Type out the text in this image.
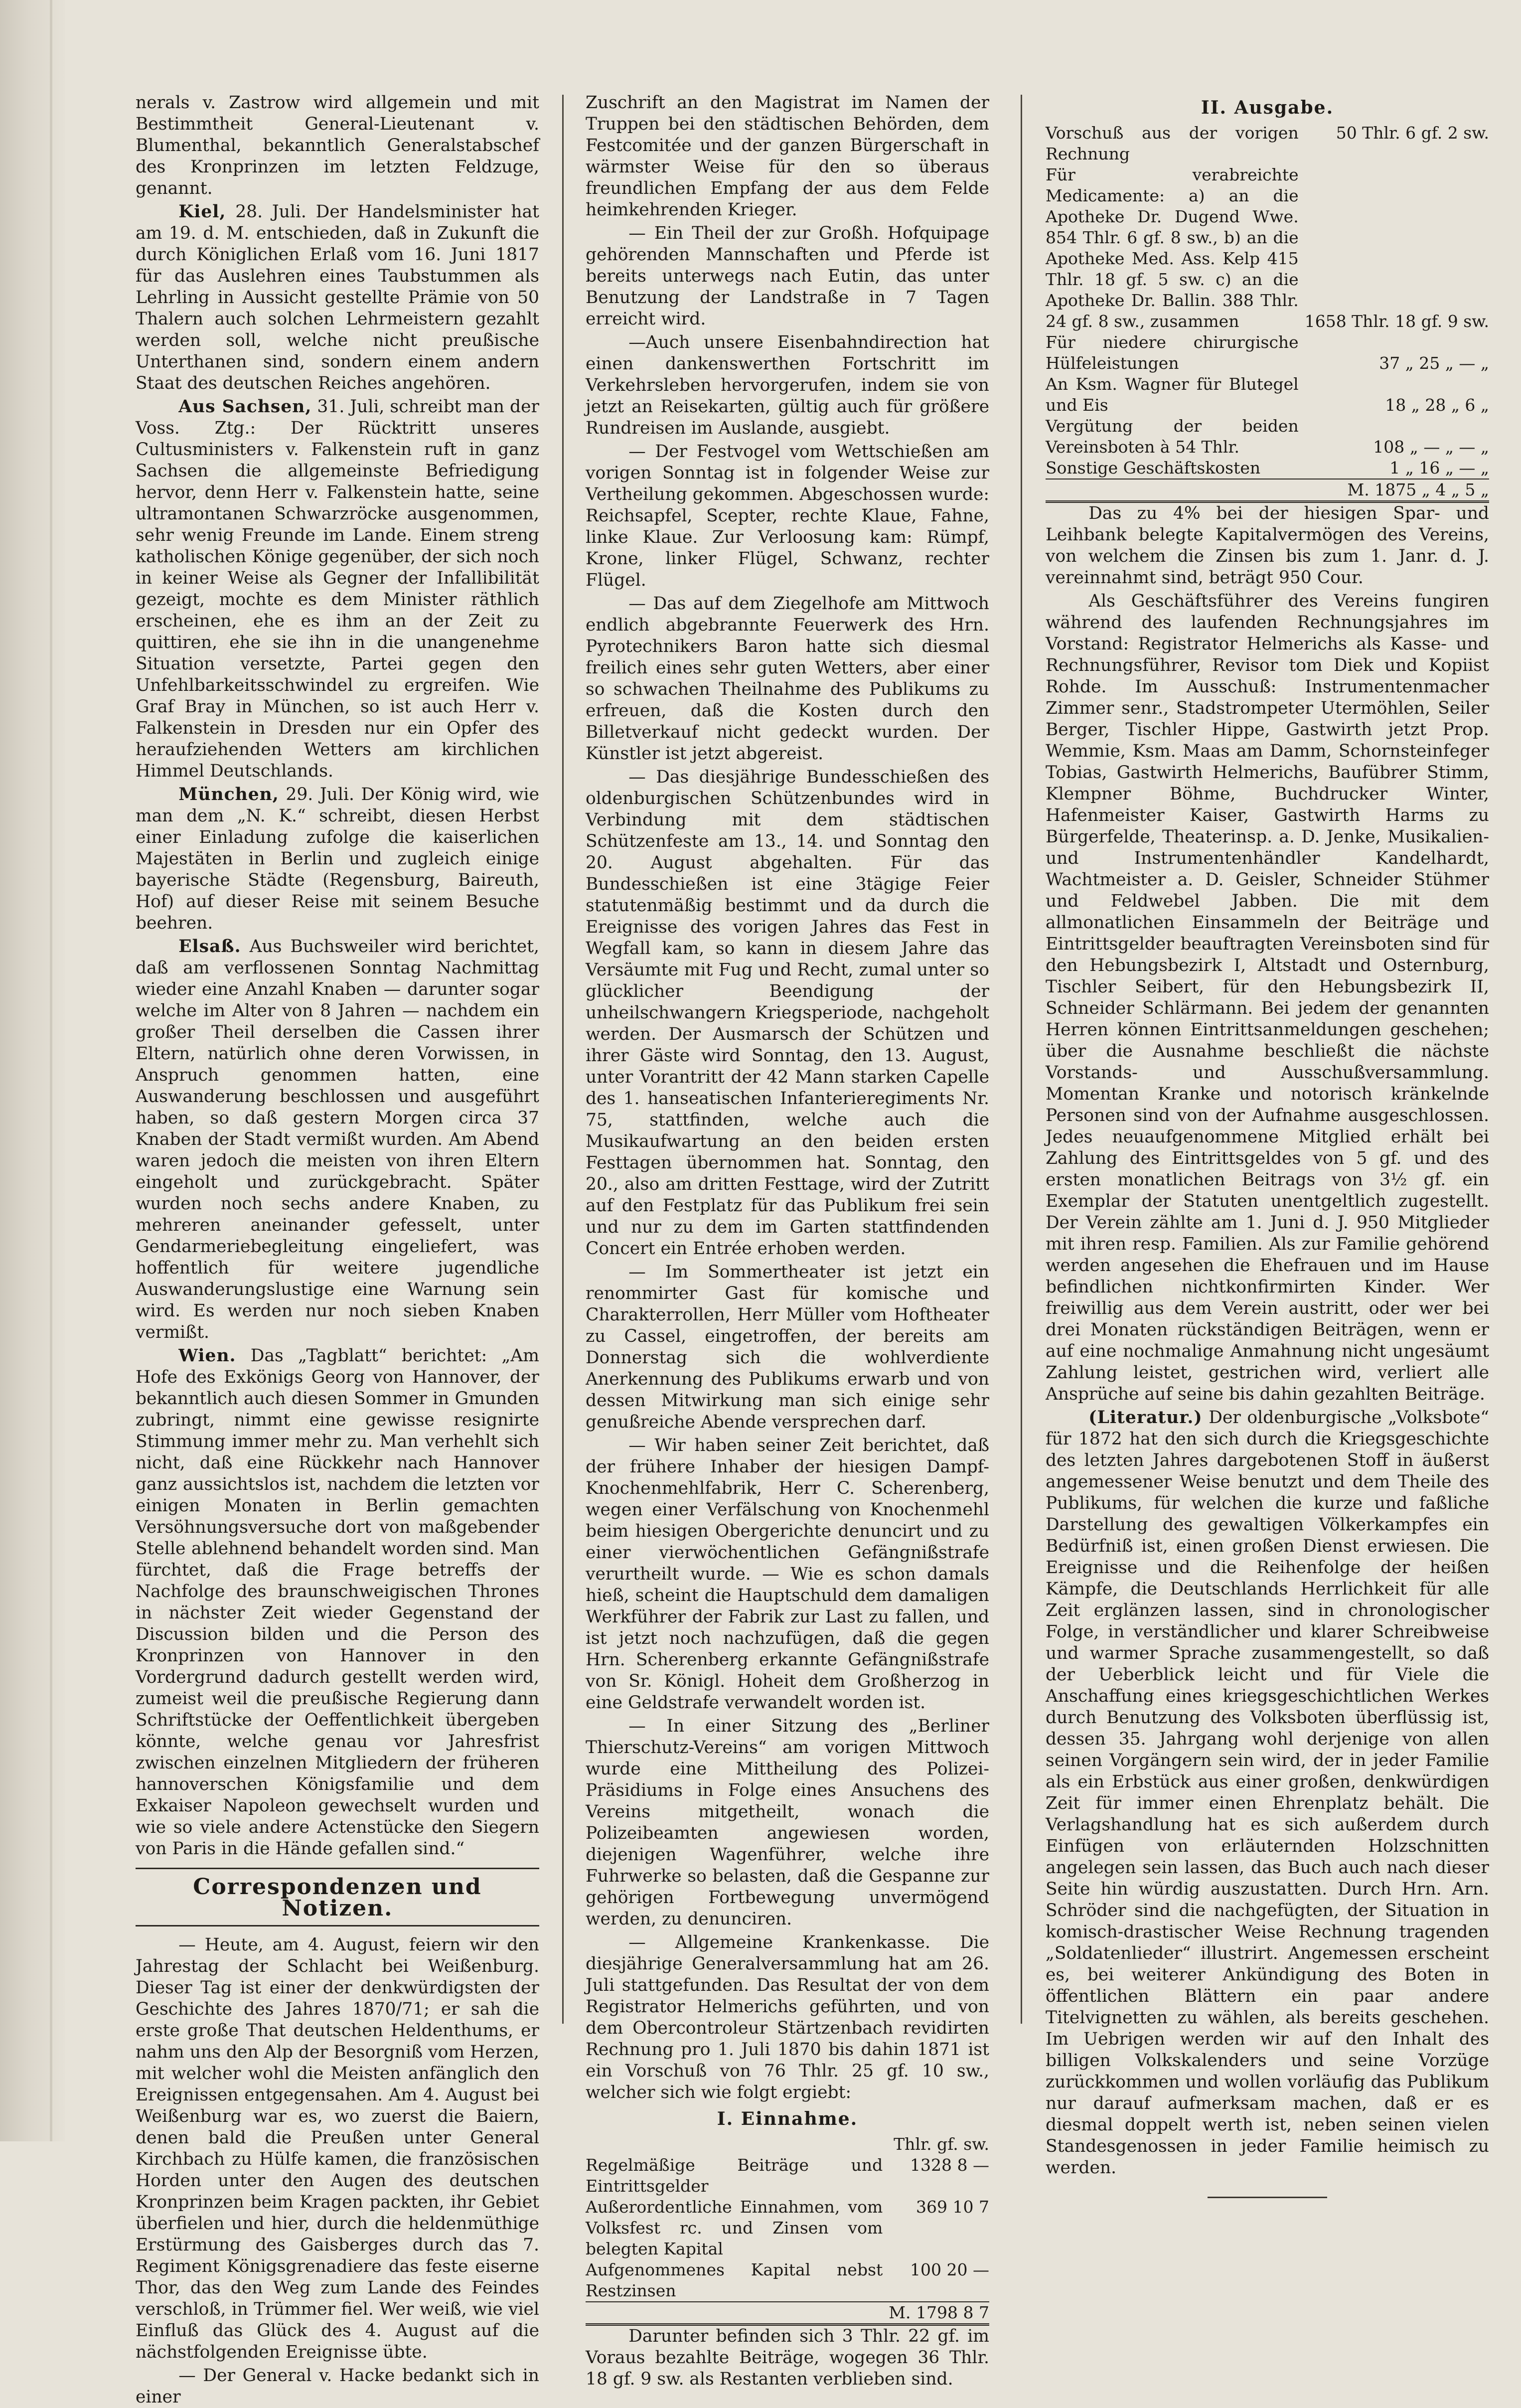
nerals v. Zastrow wird allgemein und mit Bestimmtheit General-Lieutenant v. Blumenthal, bekanntlich Generalstabschef des Kronprinzen im letzten Feldzuge, genannt.

Kiel, 28. Juli. Der Handelsminister hat am 19. d. M. entschieden, daß in Zukunft die durch Königlichen Erlaß vom 16. Juni 1817 für das Auslehren eines Taubstummen als Lehrling in Aussicht gestellte Prämie von 50 Thalern auch solchen Lehrmeistern gezahlt werden soll, welche nicht preußische Unterthanen sind, sondern einem andern Staat des deutschen Reiches angehören.

Aus Sachsen, 31. Juli, schreibt man der Voss. Ztg.: Der Rücktritt unseres Cultusministers v. Falkenstein ruft in ganz Sachsen die allgemeinste Befriedigung hervor, denn Herr v. Falkenstein hatte, seine ultramontanen Schwarzröcke ausgenommen, sehr wenig Freunde im Lande. Einem streng katholischen Könige gegenüber, der sich noch in keiner Weise als Gegner der Infallibilität gezeigt, mochte es dem Minister räthlich erscheinen, ehe es ihm an der Zeit zu quittiren, ehe sie ihn in die unangenehme Situation versetzte, Partei gegen den Unfehlbarkeitsschwindel zu ergreifen. Wie Graf Bray in München, so ist auch Herr v. Falkenstein in Dresden nur ein Opfer des heraufziehenden Wetters am kirchlichen Himmel Deutschlands.

München, 29. Juli. Der König wird, wie man dem „N. K.“ schreibt, diesen Herbst einer Einladung zufolge die kaiserlichen Majestäten in Berlin und zugleich einige bayerische Städte (Regensburg, Baireuth, Hof) auf dieser Reise mit seinem Besuche beehren.

Elsaß. Aus Buchsweiler wird berichtet, daß am verflossenen Sonntag Nachmittag wieder eine Anzahl Knaben — darunter sogar welche im Alter von 8 Jahren — nachdem ein großer Theil derselben die Cassen ihrer Eltern, natürlich ohne deren Vorwissen, in Anspruch genommen hatten, eine Auswanderung beschlossen und ausgeführt haben, so daß gestern Morgen circa 37 Knaben der Stadt vermißt wurden. Am Abend waren jedoch die meisten von ihren Eltern eingeholt und zurückgebracht. Später wurden noch sechs andere Knaben, zu mehreren aneinander gefesselt, unter Gendarmeriebegleitung eingeliefert, was hoffentlich für weitere jugendliche Auswanderungslustige eine Warnung sein wird. Es werden nur noch sieben Knaben vermißt.

Wien. Das „Tagblatt“ berichtet: „Am Hofe des Exkönigs Georg von Hannover, der bekanntlich auch diesen Sommer in Gmunden zubringt, nimmt eine gewisse resignirte Stimmung immer mehr zu. Man verhehlt sich nicht, daß eine Rückkehr nach Hannover ganz aussichtslos ist, nachdem die letzten vor einigen Monaten in Berlin gemachten Versöhnungsversuche dort von maßgebender Stelle ablehnend behandelt worden sind. Man fürchtet, daß die Frage betreffs der Nachfolge des braunschweigischen Thrones in nächster Zeit wieder Gegenstand der Discussion bilden und die Person des Kronprinzen von Hannover in den Vordergrund dadurch gestellt werden wird, zumeist weil die preußische Regierung dann Schriftstücke der Oeffentlichkeit übergeben könnte, welche genau vor Jahresfrist zwischen einzelnen Mitgliedern der früheren hannoverschen Königsfamilie und dem Exkaiser Napoleon gewechselt wurden und wie so viele andere Actenstücke den Siegern von Paris in die Hände gefallen sind.“

Correspondenzen und Notizen.

— Heute, am 4. August, feiern wir den Jahrestag der Schlacht bei Weißenburg. Dieser Tag ist einer der denkwürdigsten der Geschichte des Jahres 1870/71; er sah die erste große That deutschen Heldenthums, er nahm uns den Alp der Besorgniß vom Herzen, mit welcher wohl die Meisten anfänglich den Ereignissen entgegensahen. Am 4. August bei Weißenburg war es, wo zuerst die Baiern, denen bald die Preußen unter General Kirchbach zu Hülfe kamen, die französischen Horden unter den Augen des deutschen Kronprinzen beim Kragen packten, ihr Gebiet überfielen und hier, durch die heldenmüthige Erstürmung des Gaisberges durch das 7. Regiment Königsgrenadiere das feste eiserne Thor, das den Weg zum Lande des Feindes verschloß, in Trümmer fiel. Wer weiß, wie viel Einfluß das Glück des 4. August auf die nächstfolgenden Ereignisse übte.

— Der General v. Hacke bedankt sich in einer

Zuschrift an den Magistrat im Namen der Truppen bei den städtischen Behörden, dem Festcomitée und der ganzen Bürgerschaft in wärmster Weise für den so überaus freundlichen Empfang der aus dem Felde heimkehrenden Krieger.

— Ein Theil der zur Großh. Hofquipage gehörenden Mannschaften und Pferde ist bereits unterwegs nach Eutin, das unter Benutzung der Landstraße in 7 Tagen erreicht wird.

—Auch unsere Eisenbahndirection hat einen dankenswerthen Fortschritt im Verkehrsleben hervorgerufen, indem sie von jetzt an Reisekarten, gültig auch für größere Rundreisen im Auslande, ausgiebt.

— Der Festvogel vom Wettschießen am vorigen Sonntag ist in folgender Weise zur Vertheilung gekommen. Abgeschossen wurde: Reichsapfel, Scepter, rechte Klaue, Fahne, linke Klaue. Zur Verloosung kam: Rümpf, Krone, linker Flügel, Schwanz, rechter Flügel.

— Das auf dem Ziegelhofe am Mittwoch endlich abgebrannte Feuerwerk des Hrn. Pyrotechnikers Baron hatte sich diesmal freilich eines sehr guten Wetters, aber einer so schwachen Theilnahme des Publikums zu erfreuen, daß die Kosten durch den Billetverkauf nicht gedeckt wurden. Der Künstler ist jetzt abgereist.

— Das diesjährige Bundesschießen des oldenburgischen Schützenbundes wird in Verbindung mit dem städtischen Schützenfeste am 13., 14. und Sonntag den 20. August abgehalten. Für das Bundesschießen ist eine 3tägige Feier statutenmäßig bestimmt und da durch die Ereignisse des vorigen Jahres das Fest in Wegfall kam, so kann in diesem Jahre das Versäumte mit Fug und Recht, zumal unter so glücklicher Beendigung der unheilschwangern Kriegsperiode, nachgeholt werden. Der Ausmarsch der Schützen und ihrer Gäste wird Sonntag, den 13. August, unter Vorantritt der 42 Mann starken Capelle des 1. hanseatischen Infanterieregiments Nr. 75, stattfinden, welche auch die Musikaufwartung an den beiden ersten Festtagen übernommen hat. Sonntag, den 20., also am dritten Festtage, wird der Zutritt auf den Festplatz für das Publikum frei sein und nur zu dem im Garten stattfindenden Concert ein Entrée erhoben werden.

— Im Sommertheater ist jetzt ein renommirter Gast für komische und Charakterrollen, Herr Müller vom Hoftheater zu Cassel, eingetroffen, der bereits am Donnerstag sich die wohlverdiente Anerkennung des Publikums erwarb und von dessen Mitwirkung man sich einige sehr genußreiche Abende versprechen darf.

— Wir haben seiner Zeit berichtet, daß der frühere Inhaber der hiesigen Dampf-Knochenmehlfabrik, Herr C. Scherenberg, wegen einer Verfälschung von Knochenmehl beim hiesigen Obergerichte denuncirt und zu einer vierwöchentlichen Gefängnißstrafe verurtheilt wurde. — Wie es schon damals hieß, scheint die Hauptschuld dem damaligen Werkführer der Fabrik zur Last zu fallen, und ist jetzt noch nachzufügen, daß die gegen Hrn. Scherenberg erkannte Gefängnißstrafe von Sr. Königl. Hoheit dem Großherzog in eine Geldstrafe verwandelt worden ist.

— In einer Sitzung des „Berliner Thierschutz-Vereins“ am vorigen Mittwoch wurde eine Mittheilung des Polizei-Präsidiums in Folge eines Ansuchens des Vereins mitgetheilt, wonach die Polizeibeamten angewiesen worden, diejenigen Wagenführer, welche ihre Fuhrwerke so belasten, daß die Gespanne zur gehörigen Fortbewegung unvermögend werden, zu denunciren.

— Allgemeine Krankenkasse. Die diesjährige Generalversammlung hat am 26. Juli stattgefunden. Das Resultat der von dem Registrator Helmerichs geführten, und von dem Obercontroleur Stärtzenbach revidirten Rechnung pro 1. Juli 1870 bis dahin 1871 ist ein Vorschuß von 76 Thlr. 25 gf. 10 sw., welcher sich wie folgt ergiebt:

I. Einnahme.
	Thlr. gf. sw.
Regelmäßige Beiträge und Eintrittsgelder	1328 8 —
Außerordentliche Einnahmen, vom Volksfest rc. und Zinsen vom belegten Kapital	369 10 7
Aufgenommenes Kapital nebst Restzinsen	100 20 —
	M. 1798 8 7

Darunter befinden sich 3 Thlr. 22 gf. im Voraus bezahlte Beiträge, wogegen 36 Thlr. 18 gf. 9 sw. als Restanten verblieben sind.

II. Ausgabe.
Vorschuß aus der vorigen Rechnung	50 Thlr. 6 gf. 2 sw.
Für verabreichte Medicamente: a) an die Apotheke Dr. Dugend Wwe. 854 Thlr. 6 gf. 8 sw., b) an die Apotheke Med. Ass. Kelp 415 Thlr. 18 gf. 5 sw. c) an die Apotheke Dr. Ballin. 388 Thlr. 24 gf. 8 sw., zusammen	1658 Thlr. 18 gf. 9 sw.
Für niedere chirurgische Hülfeleistungen	37 „ 25 „ — „
An Ksm. Wagner für Blutegel und Eis	18 „ 28 „ 6 „
Vergütung der beiden Vereinsboten à 54 Thlr.	108 „ — „ — „
Sonstige Geschäftskosten	1 „ 16 „ — „
	M. 1875 „ 4 „ 5 „

Das zu 4% bei der hiesigen Spar- und Leihbank belegte Kapitalvermögen des Vereins, von welchem die Zinsen bis zum 1. Janr. d. J. vereinnahmt sind, beträgt 950 Cour.

Als Geschäftsführer des Vereins fungiren während des laufenden Rechnungsjahres im Vorstand: Registrator Helmerichs als Kasse- und Rechnungsführer, Revisor tom Diek und Kopiist Rohde. Im Ausschuß: Instrumentenmacher Zimmer senr., Stadstrompeter Utermöhlen, Seiler Berger, Tischler Hippe, Gastwirth jetzt Prop. Wemmie, Ksm. Maas am Damm, Schornsteinfeger Tobias, Gastwirth Helmerichs, Baufübrer Stimm, Klempner Böhme, Buchdrucker Winter, Hafenmeister Kaiser, Gastwirth Harms zu Bürgerfelde, Theaterinsp. a. D. Jenke, Musikalien- und Instrumentenhändler Kandelhardt, Wachtmeister a. D. Geisler, Schneider Stühmer und Feldwebel Jabben. Die mit dem allmonatlichen Einsammeln der Beiträge und Eintrittsgelder beauftragten Vereinsboten sind für den Hebungsbezirk I, Altstadt und Osternburg, Tischler Seibert, für den Hebungsbezirk II, Schneider Schlärmann. Bei jedem der genannten Herren können Eintrittsanmeldungen geschehen; über die Ausnahme beschließt die nächste Vorstands- und Ausschußversammlung. Momentan Kranke und notorisch kränkelnde Personen sind von der Aufnahme ausgeschlossen. Jedes neuaufgenommene Mitglied erhält bei Zahlung des Eintrittsgeldes von 5 gf. und des ersten monatlichen Beitrags von 3½ gf. ein Exemplar der Statuten unentgeltlich zugestellt. Der Verein zählte am 1. Juni d. J. 950 Mitglieder mit ihren resp. Familien. Als zur Familie gehörend werden angesehen die Ehefrauen und im Hause befindlichen nichtkonfirmirten Kinder. Wer freiwillig aus dem Verein austritt, oder wer bei drei Monaten rückständigen Beiträgen, wenn er auf eine nochmalige Anmahnung nicht ungesäumt Zahlung leistet, gestrichen wird, verliert alle Ansprüche auf seine bis dahin gezahlten Beiträge.

(Literatur.) Der oldenburgische „Volksbote“ für 1872 hat den sich durch die Kriegsgeschichte des letzten Jahres dargebotenen Stoff in äußerst angemessener Weise benutzt und dem Theile des Publikums, für welchen die kurze und faßliche Darstellung des gewaltigen Völkerkampfes ein Bedürfniß ist, einen großen Dienst erwiesen. Die Ereignisse und die Reihenfolge der heißen Kämpfe, die Deutschlands Herrlichkeit für alle Zeit erglänzen lassen, sind in chronologischer Folge, in verständlicher und klarer Schreibweise und warmer Sprache zusammengestellt, so daß der Ueberblick leicht und für Viele die Anschaffung eines kriegsgeschichtlichen Werkes durch Benutzung des Volksboten überflüssig ist, dessen 35. Jahrgang wohl derjenige von allen seinen Vorgängern sein wird, der in jeder Familie als ein Erbstück aus einer großen, denkwürdigen Zeit für immer einen Ehrenplatz behält. Die Verlagshandlung hat es sich außerdem durch Einfügen von erläuternden Holzschnitten angelegen sein lassen, das Buch auch nach dieser Seite hin würdig auszustatten. Durch Hrn. Arn. Schröder sind die nachgefügten, der Situation in komisch-drastischer Weise Rechnung tragenden „Soldatenlieder“ illustrirt. Angemessen erscheint es, bei weiterer Ankündigung des Boten in öffentlichen Blättern ein paar andere Titelvignetten zu wählen, als bereits geschehen. Im Uebrigen werden wir auf den Inhalt des billigen Volkskalenders und seine Vorzüge zurückkommen und wollen vorläufig das Publikum nur darauf aufmerksam machen, daß er es diesmal doppelt werth ist, neben seinen vielen Standesgenossen in jeder Familie heimisch zu werden.
